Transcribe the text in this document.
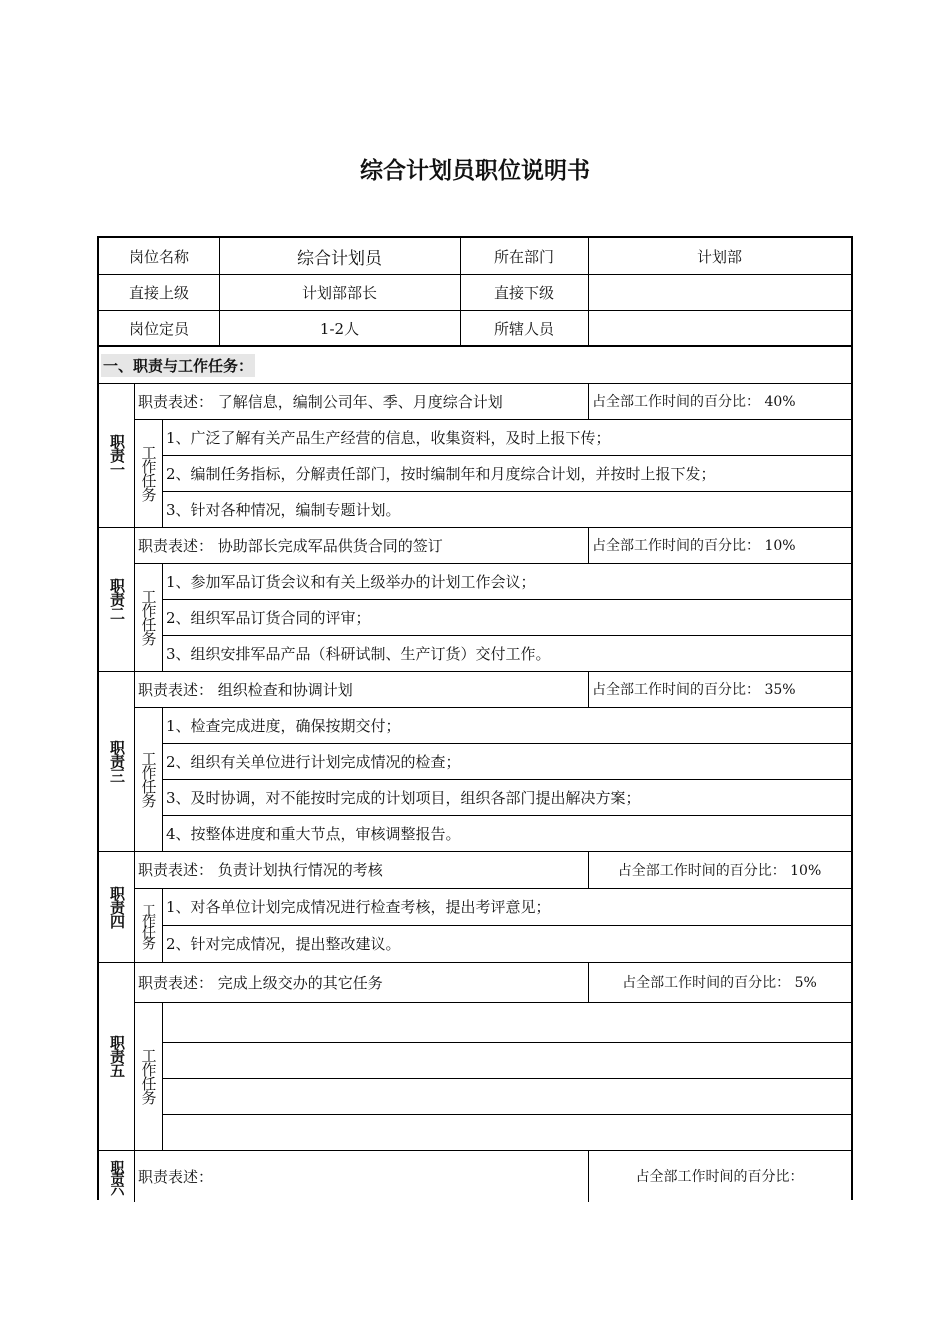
综合计划员职位说明书
岗位名称	综合计划员	所在部门	计划部
直接上级	计划部部长	直接下级
岗位定员	1-2人	所辖人员
一、职责与工作任务：
职责一
职责表述： 了解信息，编制公司年、季、月度综合计划	占全部工作时间的百分比： 40%
工作任务
1、广泛了解有关产品生产经营的信息，收集资料，及时上报下传；
2、编制任务指标，分解责任部门，按时编制年和月度综合计划，并按时上报下发；
3、针对各种情况，编制专题计划。
职责二
职责表述： 协助部长完成军品供货合同的签订	占全部工作时间的百分比： 10%
工作任务
1、参加军品订货会议和有关上级举办的计划工作会议；
2、组织军品订货合同的评审；
3、组织安排军品产品（科研试制、生产订货）交付工作。
职责三
职责表述： 组织检查和协调计划	占全部工作时间的百分比： 35%
工作任务
1、检查完成进度，确保按期交付；
2、组织有关单位进行计划完成情况的检查；
3、及时协调，对不能按时完成的计划项目，组织各部门提出解决方案；
4、按整体进度和重大节点，审核调整报告。
职责四
职责表述： 负责计划执行情况的考核	占全部工作时间的百分比： 10%
工作任务 1、对各单位计划完成情况进行检查考核，提出考评意见；
2、针对完成情况，提出整改建议。
职责五
职责表述： 完成上级交办的其它任务	占全部工作时间的百分比： 5%
工作任务
职责六 职责表述：	占全部工作时间的百分比：
